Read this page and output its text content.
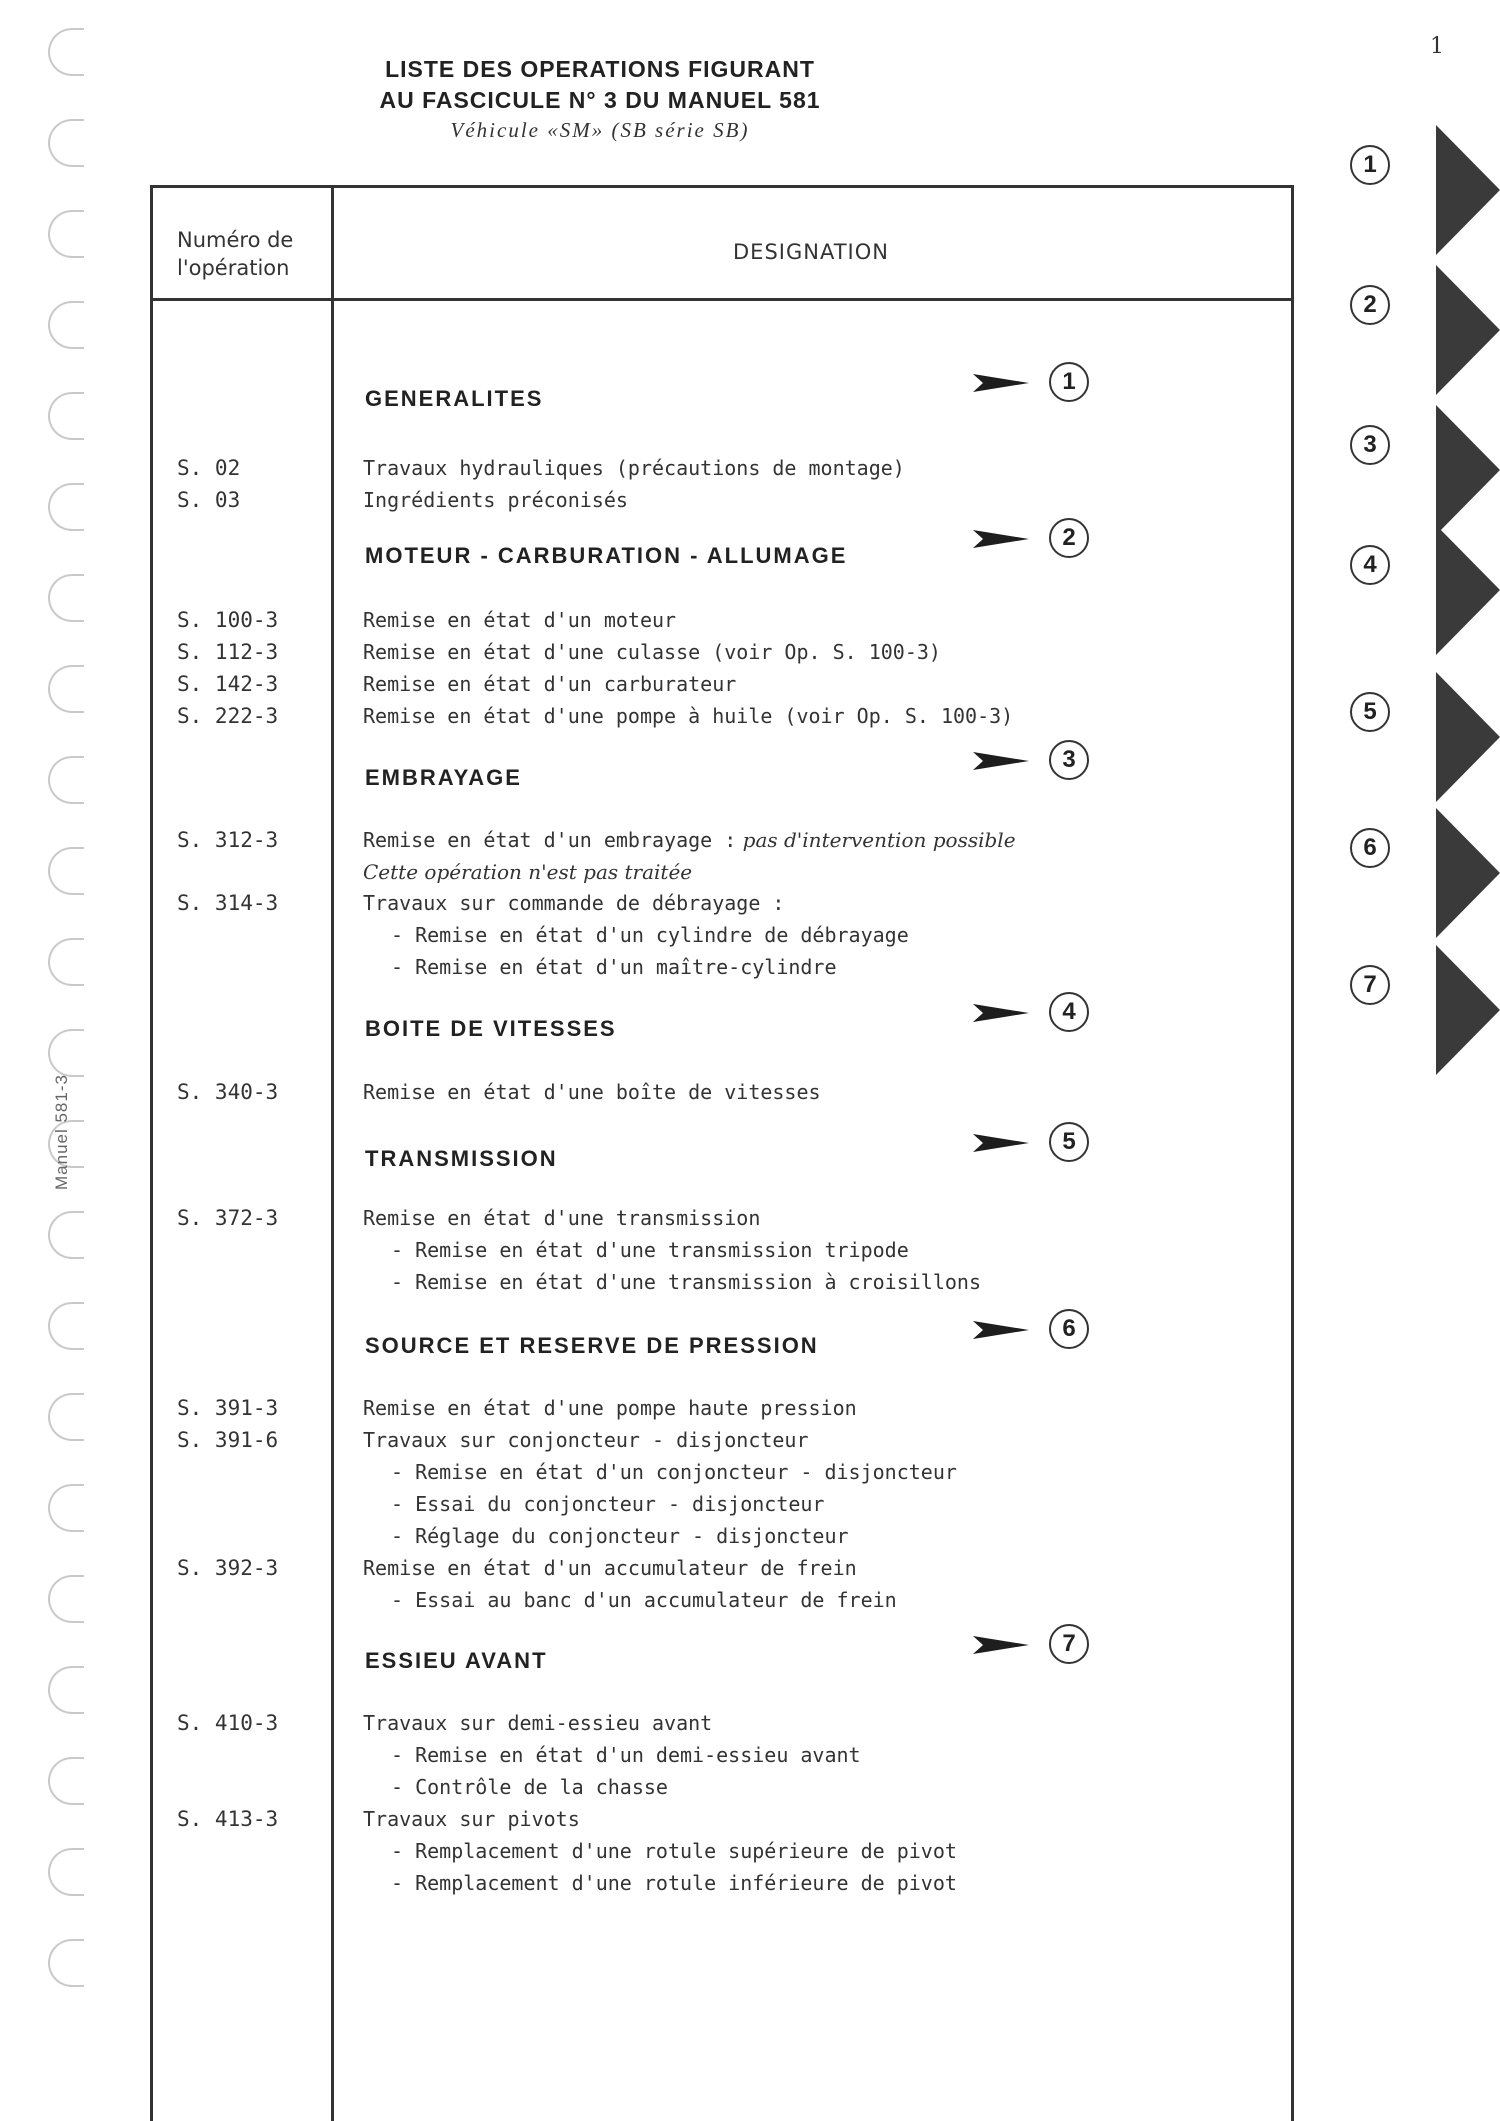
1
LISTE DES OPERATIONS FIGURANT
AU FASCICULE N° 3 DU MANUEL 581
Véhicule «SM» (SB série SB)
Manuel 581-3
Numéro de l'opération
DESIGNATION
GENERALITES
1
S. 02	Travaux hydrauliques (précautions de montage)
S. 03	Ingrédients préconisés
MOTEUR - CARBURATION - ALLUMAGE
2
S. 100-3	Remise en état d'un moteur
S. 112-3	Remise en état d'une culasse (voir Op. S. 100-3)
S. 142-3	Remise en état d'un carburateur
S. 222-3	Remise en état d'une pompe à huile (voir Op. S. 100-3)
EMBRAYAGE
3
S. 312-3	Remise en état d'un embrayage : pas d'intervention possible
Cette opération n'est pas traitée
S. 314-3	Travaux sur commande de débrayage :
- Remise en état d'un cylindre de débrayage
- Remise en état d'un maître-cylindre
BOITE DE VITESSES
4
S. 340-3	Remise en état d'une boîte de vitesses
TRANSMISSION
5
S. 372-3	Remise en état d'une transmission
- Remise en état d'une transmission tripode
- Remise en état d'une transmission à croisillons
SOURCE ET RESERVE DE PRESSION
6
S. 391-3	Remise en état d'une pompe haute pression
S. 391-6	Travaux sur conjoncteur - disjoncteur
- Remise en état d'un conjoncteur - disjoncteur
- Essai du conjoncteur - disjoncteur
- Réglage du conjoncteur - disjoncteur
S. 392-3	Remise en état d'un accumulateur de frein
- Essai au banc d'un accumulateur de frein
ESSIEU AVANT
7
S. 410-3	Travaux sur demi-essieu avant
- Remise en état d'un demi-essieu avant
- Contrôle de la chasse
S. 413-3	Travaux sur pivots
- Remplacement d'une rotule supérieure de pivot
- Remplacement d'une rotule inférieure de pivot
1
2
3
4
5
6
7
